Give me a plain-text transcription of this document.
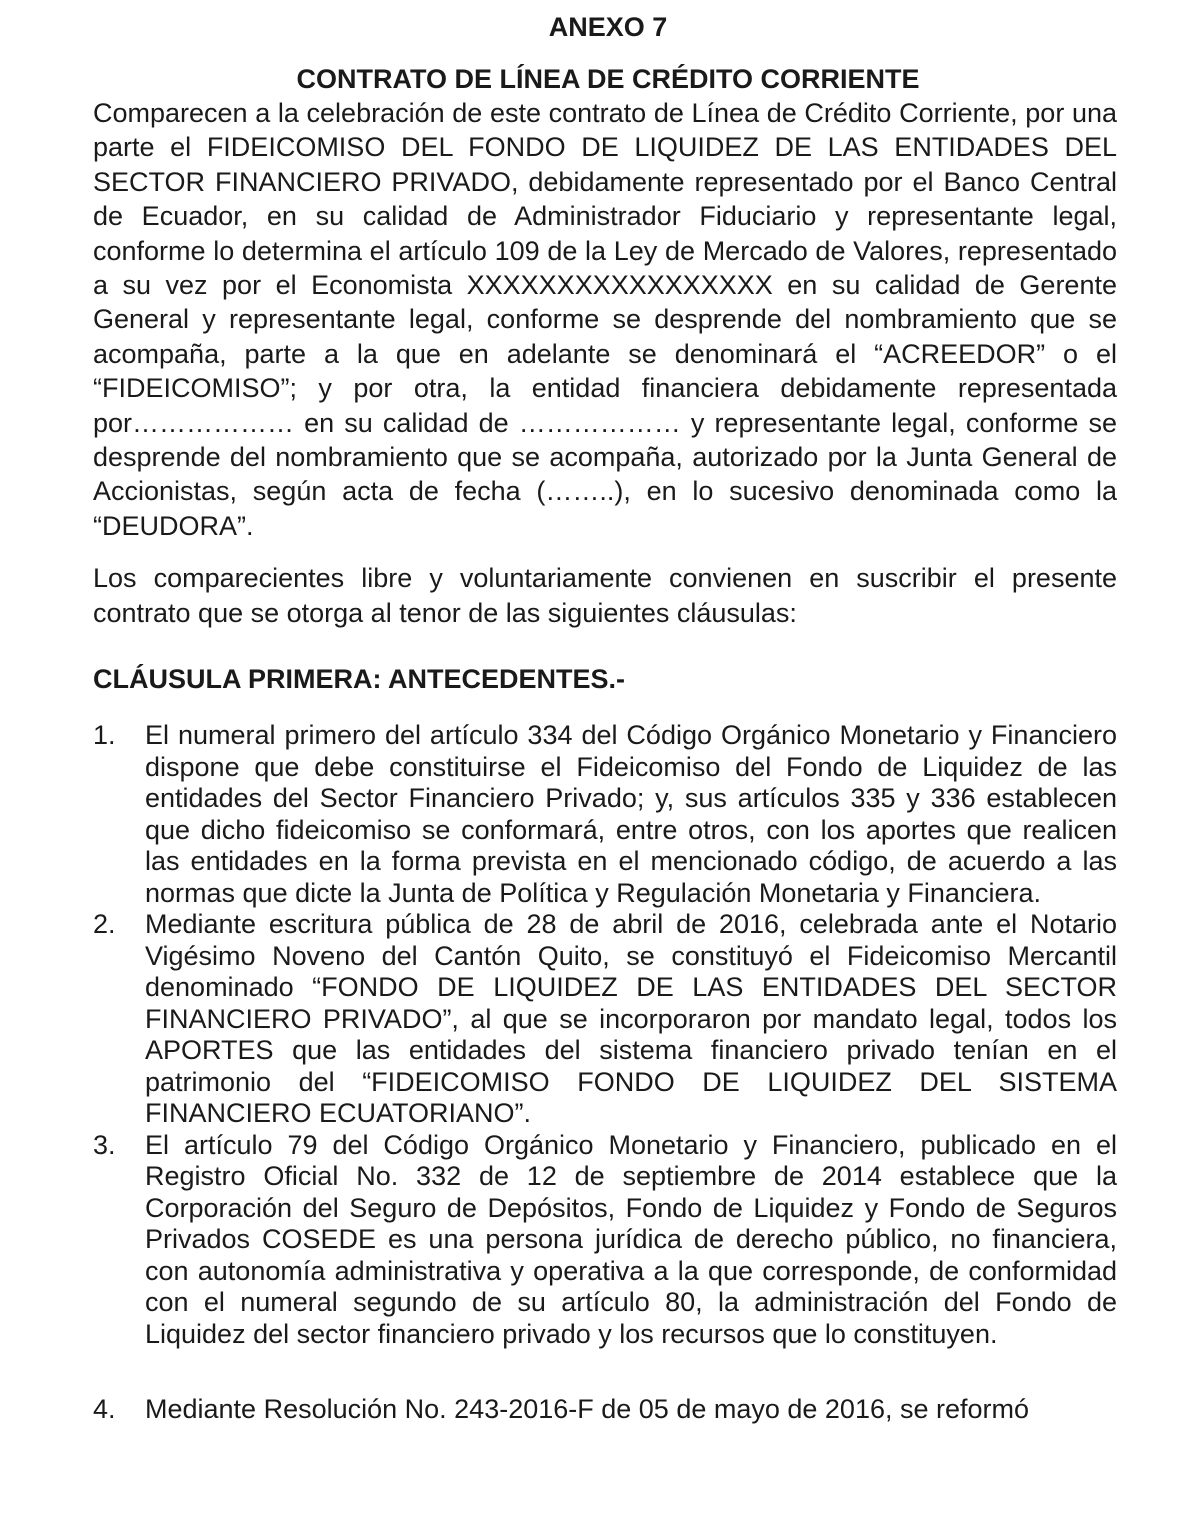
ANEXO 7
CONTRATO DE LÍNEA DE CRÉDITO CORRIENTE

Comparecen a la celebración de este contrato de Línea de Crédito Corriente, por una parte el FIDEICOMISO DEL FONDO DE LIQUIDEZ DE LAS ENTIDADES DEL SECTOR FINANCIERO PRIVADO, debidamente representado por el Banco Central de Ecuador, en su calidad de Administrador Fiduciario y representante legal, conforme lo determina el artículo 109 de la Ley de Mercado de Valores, representado a su vez por el Economista XXXXXXXXXXXXXXXXX en su calidad de Gerente General y representante legal, conforme se desprende del nombramiento que se acompaña, parte a la que en adelante se denominará el “ACREEDOR” o el “FIDEICOMISO”; y por otra, la entidad financiera debidamente representada por……………… en su calidad de ……………… y representante legal, conforme se desprende del nombramiento que se acompaña, autorizado por la Junta General de Accionistas, según acta de fecha (……..), en lo sucesivo denominada como la “DEUDORA”.

Los comparecientes libre y voluntariamente convienen en suscribir el presente contrato que se otorga al tenor de las siguientes cláusulas:

CLÁUSULA PRIMERA: ANTECEDENTES.-
1. El numeral primero del artículo 334 del Código Orgánico Monetario y Financiero dispone que debe constituirse el Fideicomiso del Fondo de Liquidez de las entidades del Sector Financiero Privado; y, sus artículos 335 y 336 establecen que dicho fideicomiso se conformará, entre otros, con los aportes que realicen las entidades en la forma prevista en el mencionado código, de acuerdo a las normas que dicte la Junta de Política y Regulación Monetaria y Financiera.
2. Mediante escritura pública de 28 de abril de 2016, celebrada ante el Notario Vigésimo Noveno del Cantón Quito, se constituyó el Fideicomiso Mercantil denominado “FONDO DE LIQUIDEZ DE LAS ENTIDADES DEL SECTOR FINANCIERO PRIVADO”, al que se incorporaron por mandato legal, todos los APORTES que las entidades del sistema financiero privado tenían en el patrimonio del “FIDEICOMISO FONDO DE LIQUIDEZ DEL SISTEMA FINANCIERO ECUATORIANO”.
3. El artículo 79 del Código Orgánico Monetario y Financiero, publicado en el Registro Oficial No. 332 de 12 de septiembre de 2014 establece que la Corporación del Seguro de Depósitos, Fondo de Liquidez y Fondo de Seguros Privados COSEDE es una persona jurídica de derecho público, no financiera, con autonomía administrativa y operativa a la que corresponde, de conformidad con el numeral segundo de su artículo 80, la administración del Fondo de Liquidez del sector financiero privado y los recursos que lo constituyen.
4. Mediante Resolución No. 243-2016-F de 05 de mayo de 2016, se reformó
